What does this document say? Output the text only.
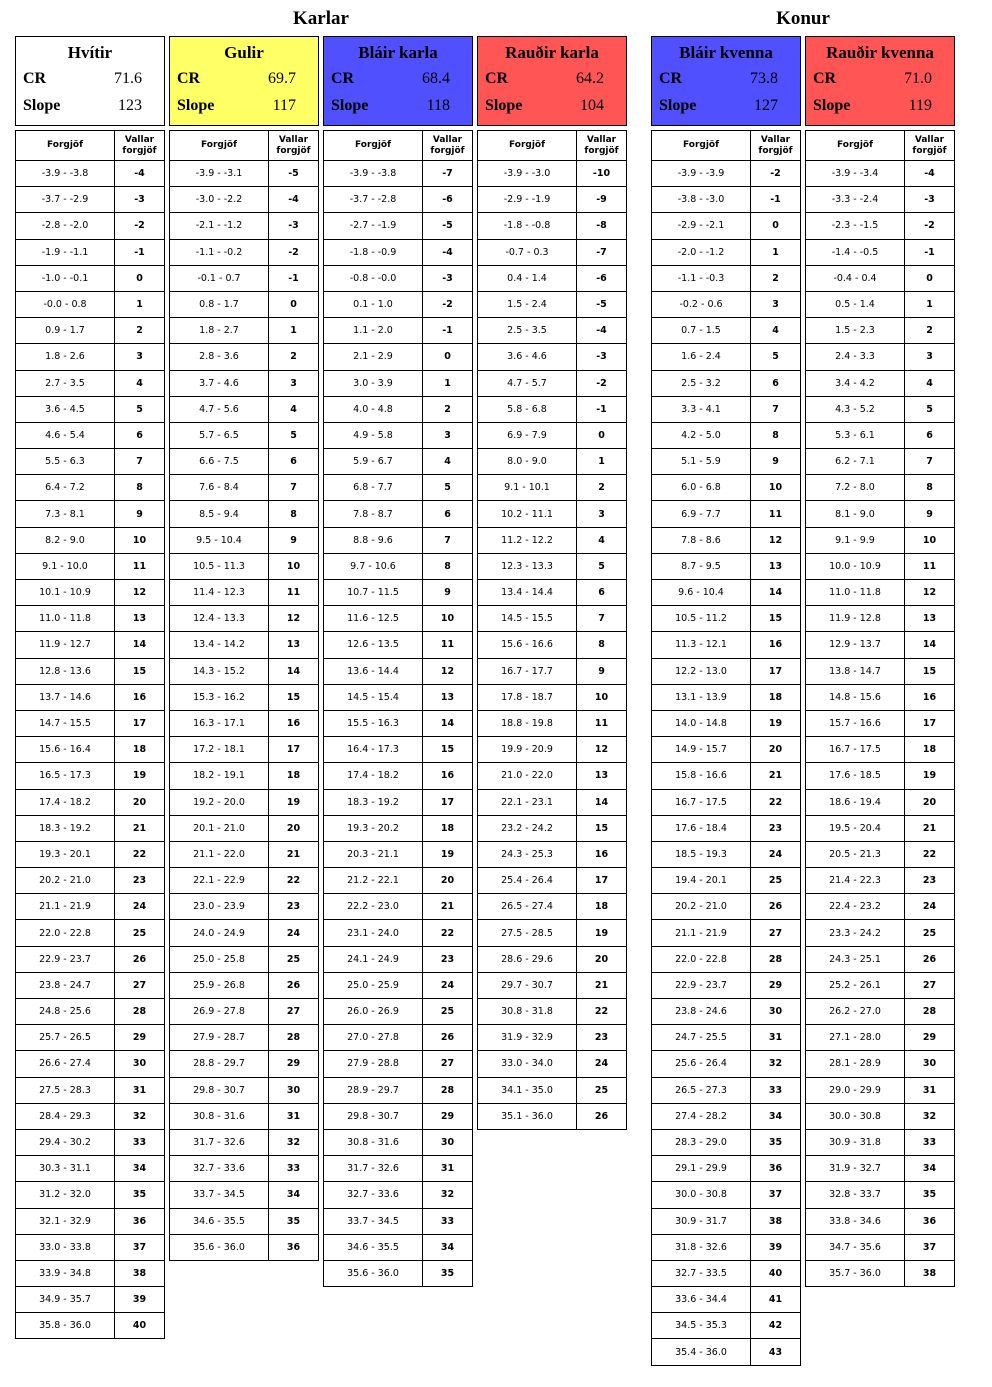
Karlar	Konur
Hvítir
CR	71.6
Slope	123
Forgjöf	Vallar forgjöf
-3.9 - -3.8	-4
-3.7 - -2.9	-3
-2.8 - -2.0	-2
-1.9 - -1.1	-1
-1.0 - -0.1	0
-0.0 - 0.8	1
0.9 - 1.7	2
1.8 - 2.6	3
2.7 - 3.5	4
3.6 - 4.5	5
4.6 - 5.4	6
5.5 - 6.3	7
6.4 - 7.2	8
7.3 - 8.1	9
8.2 - 9.0	10
9.1 - 10.0	11
10.1 - 10.9	12
11.0 - 11.8	13
11.9 - 12.7	14
12.8 - 13.6	15
13.7 - 14.6	16
14.7 - 15.5	17
15.6 - 16.4	18
16.5 - 17.3	19
17.4 - 18.2	20
18.3 - 19.2	21
19.3 - 20.1	22
20.2 - 21.0	23
21.1 - 21.9	24
22.0 - 22.8	25
22.9 - 23.7	26
23.8 - 24.7	27
24.8 - 25.6	28
25.7 - 26.5	29
26.6 - 27.4	30
27.5 - 28.3	31
28.4 - 29.3	32
29.4 - 30.2	33
30.3 - 31.1	34
31.2 - 32.0	35
32.1 - 32.9	36
33.0 - 33.8	37
33.9 - 34.8	38
34.9 - 35.7	39
35.8 - 36.0	40
Gulir
CR	69.7
Slope	117
Forgjöf	Vallar forgjöf
-3.9 - -3.1	-5
-3.0 - -2.2	-4
-2.1 - -1.2	-3
-1.1 - -0.2	-2
-0.1 - 0.7	-1
0.8 - 1.7	0
1.8 - 2.7	1
2.8 - 3.6	2
3.7 - 4.6	3
4.7 - 5.6	4
5.7 - 6.5	5
6.6 - 7.5	6
7.6 - 8.4	7
8.5 - 9.4	8
9.5 - 10.4	9
10.5 - 11.3	10
11.4 - 12.3	11
12.4 - 13.3	12
13.4 - 14.2	13
14.3 - 15.2	14
15.3 - 16.2	15
16.3 - 17.1	16
17.2 - 18.1	17
18.2 - 19.1	18
19.2 - 20.0	19
20.1 - 21.0	20
21.1 - 22.0	21
22.1 - 22.9	22
23.0 - 23.9	23
24.0 - 24.9	24
25.0 - 25.8	25
25.9 - 26.8	26
26.9 - 27.8	27
27.9 - 28.7	28
28.8 - 29.7	29
29.8 - 30.7	30
30.8 - 31.6	31
31.7 - 32.6	32
32.7 - 33.6	33
33.7 - 34.5	34
34.6 - 35.5	35
35.6 - 36.0	36
Bláir karla
CR	68.4
Slope	118
Forgjöf	Vallar forgjöf
-3.9 - -3.8	-7
-3.7 - -2.8	-6
-2.7 - -1.9	-5
-1.8 - -0.9	-4
-0.8 - -0.0	-3
0.1 - 1.0	-2
1.1 - 2.0	-1
2.1 - 2.9	0
3.0 - 3.9	1
4.0 - 4.8	2
4.9 - 5.8	3
5.9 - 6.7	4
6.8 - 7.7	5
7.8 - 8.7	6
8.8 - 9.6	7
9.7 - 10.6	8
10.7 - 11.5	9
11.6 - 12.5	10
12.6 - 13.5	11
13.6 - 14.4	12
14.5 - 15.4	13
15.5 - 16.3	14
16.4 - 17.3	15
17.4 - 18.2	16
18.3 - 19.2	17
19.3 - 20.2	18
20.3 - 21.1	19
21.2 - 22.1	20
22.2 - 23.0	21
23.1 - 24.0	22
24.1 - 24.9	23
25.0 - 25.9	24
26.0 - 26.9	25
27.0 - 27.8	26
27.9 - 28.8	27
28.9 - 29.7	28
29.8 - 30.7	29
30.8 - 31.6	30
31.7 - 32.6	31
32.7 - 33.6	32
33.7 - 34.5	33
34.6 - 35.5	34
35.6 - 36.0	35
Rauðir karla
CR	64.2
Slope	104
Forgjöf	Vallar forgjöf
-3.9 - -3.0	-10
-2.9 - -1.9	-9
-1.8 - -0.8	-8
-0.7 - 0.3	-7
0.4 - 1.4	-6
1.5 - 2.4	-5
2.5 - 3.5	-4
3.6 - 4.6	-3
4.7 - 5.7	-2
5.8 - 6.8	-1
6.9 - 7.9	0
8.0 - 9.0	1
9.1 - 10.1	2
10.2 - 11.1	3
11.2 - 12.2	4
12.3 - 13.3	5
13.4 - 14.4	6
14.5 - 15.5	7
15.6 - 16.6	8
16.7 - 17.7	9
17.8 - 18.7	10
18.8 - 19.8	11
19.9 - 20.9	12
21.0 - 22.0	13
22.1 - 23.1	14
23.2 - 24.2	15
24.3 - 25.3	16
25.4 - 26.4	17
26.5 - 27.4	18
27.5 - 28.5	19
28.6 - 29.6	20
29.7 - 30.7	21
30.8 - 31.8	22
31.9 - 32.9	23
33.0 - 34.0	24
34.1 - 35.0	25
35.1 - 36.0	26
Bláir kvenna
CR	73.8
Slope	127
Forgjöf	Vallar forgjöf
-3.9 - -3.9	-2
-3.8 - -3.0	-1
-2.9 - -2.1	0
-2.0 - -1.2	1
-1.1 - -0.3	2
-0.2 - 0.6	3
0.7 - 1.5	4
1.6 - 2.4	5
2.5 - 3.2	6
3.3 - 4.1	7
4.2 - 5.0	8
5.1 - 5.9	9
6.0 - 6.8	10
6.9 - 7.7	11
7.8 - 8.6	12
8.7 - 9.5	13
9.6 - 10.4	14
10.5 - 11.2	15
11.3 - 12.1	16
12.2 - 13.0	17
13.1 - 13.9	18
14.0 - 14.8	19
14.9 - 15.7	20
15.8 - 16.6	21
16.7 - 17.5	22
17.6 - 18.4	23
18.5 - 19.3	24
19.4 - 20.1	25
20.2 - 21.0	26
21.1 - 21.9	27
22.0 - 22.8	28
22.9 - 23.7	29
23.8 - 24.6	30
24.7 - 25.5	31
25.6 - 26.4	32
26.5 - 27.3	33
27.4 - 28.2	34
28.3 - 29.0	35
29.1 - 29.9	36
30.0 - 30.8	37
30.9 - 31.7	38
31.8 - 32.6	39
32.7 - 33.5	40
33.6 - 34.4	41
34.5 - 35.3	42
35.4 - 36.0	43
Rauðir kvenna
CR	71.0
Slope	119
Forgjöf	Vallar forgjöf
-3.9 - -3.4	-4
-3.3 - -2.4	-3
-2.3 - -1.5	-2
-1.4 - -0.5	-1
-0.4 - 0.4	0
0.5 - 1.4	1
1.5 - 2.3	2
2.4 - 3.3	3
3.4 - 4.2	4
4.3 - 5.2	5
5.3 - 6.1	6
6.2 - 7.1	7
7.2 - 8.0	8
8.1 - 9.0	9
9.1 - 9.9	10
10.0 - 10.9	11
11.0 - 11.8	12
11.9 - 12.8	13
12.9 - 13.7	14
13.8 - 14.7	15
14.8 - 15.6	16
15.7 - 16.6	17
16.7 - 17.5	18
17.6 - 18.5	19
18.6 - 19.4	20
19.5 - 20.4	21
20.5 - 21.3	22
21.4 - 22.3	23
22.4 - 23.2	24
23.3 - 24.2	25
24.3 - 25.1	26
25.2 - 26.1	27
26.2 - 27.0	28
27.1 - 28.0	29
28.1 - 28.9	30
29.0 - 29.9	31
30.0 - 30.8	32
30.9 - 31.8	33
31.9 - 32.7	34
32.8 - 33.7	35
33.8 - 34.6	36
34.7 - 35.6	37
35.7 - 36.0	38
